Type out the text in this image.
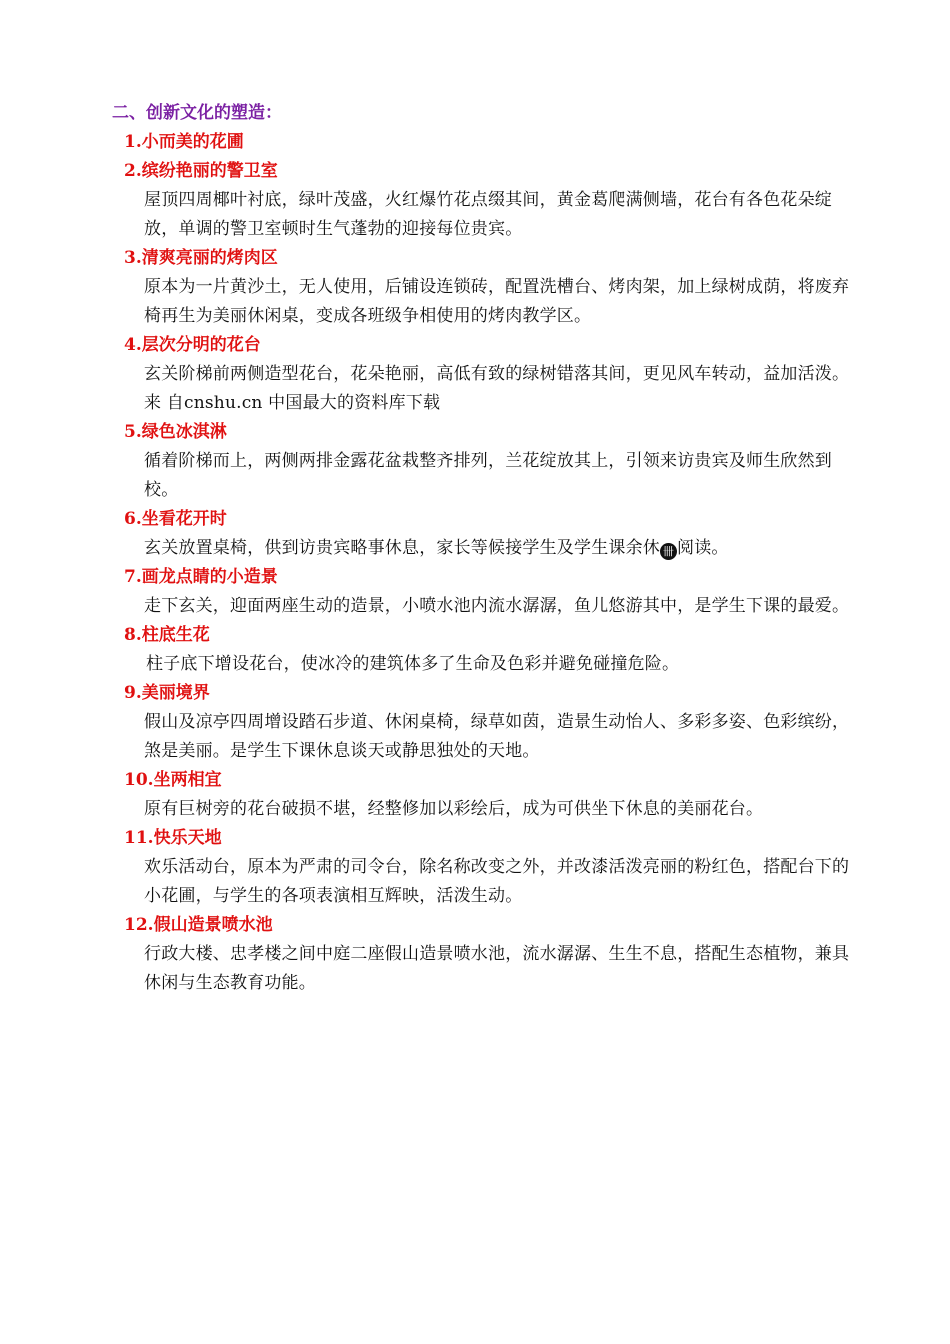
二、创新文化的塑造：
1.小而美的花圃
2.缤纷艳丽的警卫室
屋顶四周椰叶衬底，绿叶茂盛，火红爆竹花点缀其间，黄金葛爬满侧墙，花台有各色花朵绽放，单调的警卫室顿时生气蓬勃的迎接每位贵宾。
3.清爽亮丽的烤肉区
原本为一片黄沙土，无人使用，后铺设连锁砖，配置洗槽台、烤肉架，加上绿树成荫，将废弃椅再生为美丽休闲桌，变成各班级争相使用的烤肉教学区。
4.层次分明的花台
玄关阶梯前两侧造型花台，花朵艳丽，高低有致的绿树错落其间，更见风车转动，益加活泼。来 自cnshu.cn 中国最大的资料库下载
5.绿色冰淇淋
循着阶梯而上，两侧两排金露花盆栽整齐排列，兰花绽放其上，引领来访贵宾及师生欣然到校。
6.坐看花开时
玄关放置桌椅，供到访贵宾略事休息，家长等候接学生及学生课余休 卌 阅读。
7.画龙点睛的小造景
走下玄关，迎面两座生动的造景，小喷水池内流水潺潺，鱼儿悠游其中，是学生下课的最爱。
8.柱底生花
柱子底下增设花台，使冰冷的建筑体多了生命及色彩并避免碰撞危险。
9.美丽境界
假山及凉亭四周增设踏石步道、休闲桌椅，绿草如茵，造景生动怡人、多彩多姿、色彩缤纷，煞是美丽。是学生下课休息谈天或静思独处的天地。
10.坐两相宜
原有巨树旁的花台破损不堪，经整修加以彩绘后，成为可供坐下休息的美丽花台。
11.快乐天地
欢乐活动台，原本为严肃的司令台，除名称改变之外，并改漆活泼亮丽的粉红色，搭配台下的小花圃，与学生的各项表演相互辉映，活泼生动。
12.假山造景喷水池
行政大楼、忠孝楼之间中庭二座假山造景喷水池，流水潺潺、生生不息，搭配生态植物，兼具休闲与生态教育功能。
